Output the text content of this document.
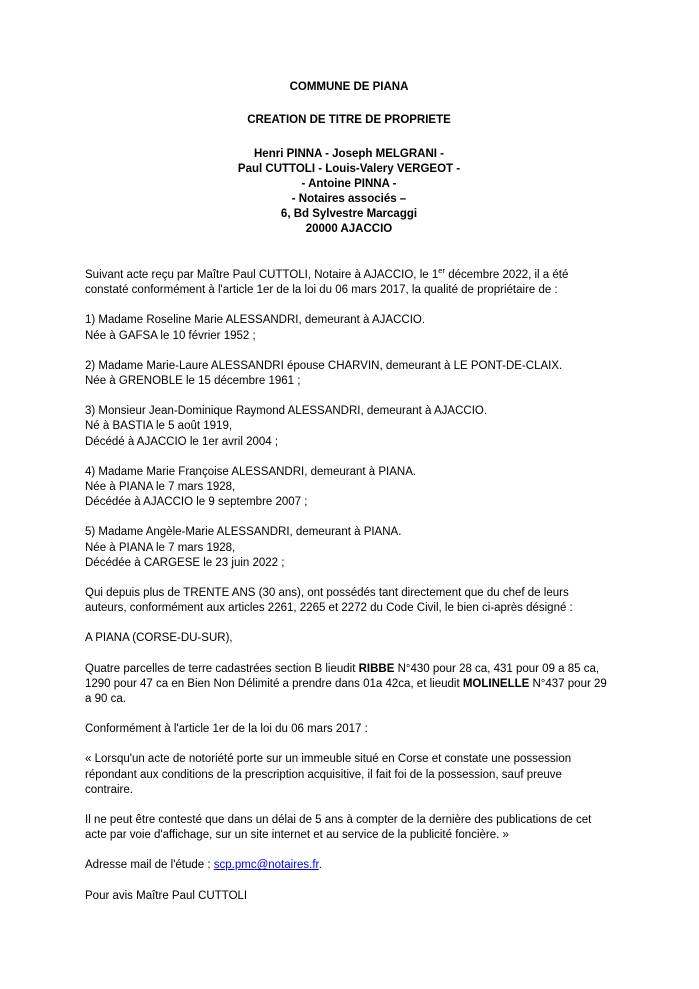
COMMUNE DE PIANA
CREATION DE TITRE DE PROPRIETE
Henri PINNA - Joseph MELGRANI -
Paul CUTTOLI - Louis-Valery VERGEOT -
- Antoine PINNA -
- Notaires associés –
6, Bd Sylvestre Marcaggi
20000 AJACCIO

Suivant acte reçu par Maître Paul CUTTOLI, Notaire à AJACCIO, le 1er décembre 2022, il a été constaté conformément à l'article 1er de la loi du 06 mars 2017, la qualité de propriétaire de :

1) Madame Roseline Marie ALESSANDRI, demeurant à AJACCIO.
Née à GAFSA le 10 février 1952 ;

2) Madame Marie-Laure ALESSANDRI épouse CHARVIN, demeurant à LE PONT-DE-CLAIX.
Née à GRENOBLE le 15 décembre 1961 ;

3) Monsieur Jean-Dominique Raymond ALESSANDRI, demeurant à AJACCIO.
Né à BASTIA le 5 août 1919,
Décédé à AJACCIO le 1er avril 2004 ;

4) Madame Marie Françoise ALESSANDRI, demeurant à PIANA.
Née à PIANA le 7 mars 1928,
Décédée à AJACCIO le 9 septembre 2007 ;

5) Madame Angèle-Marie ALESSANDRI, demeurant à PIANA.
Née à PIANA le 7 mars 1928,
Décédée à CARGESE le 23 juin 2022 ;

Qui depuis plus de TRENTE ANS (30 ans), ont possédés tant directement que du chef de leurs auteurs, conformément aux articles 2261, 2265 et 2272 du Code Civil, le bien ci-après désigné :

A PIANA (CORSE-DU-SUR),

Quatre parcelles de terre cadastrées section B lieudit RIBBE N°430 pour 28 ca, 431 pour 09 a 85 ca, 1290 pour 47 ca en Bien Non Délimité a prendre dans 01a 42ca, et lieudit MOLINELLE N°437 pour 29 a 90 ca.

Conformément à l'article 1er de la loi du 06 mars 2017 :

« Lorsqu'un acte de notoriété porte sur un immeuble situé en Corse et constate une possession répondant aux conditions de la prescription acquisitive, il fait foi de la possession, sauf preuve contraire.

Il ne peut être contesté que dans un délai de 5 ans à compter de la dernière des publications de cet acte par voie d'affichage, sur un site internet et au service de la publicité foncière. »

Adresse mail de l'étude : scp.pmc@notaires.fr.

Pour avis Maître Paul CUTTOLI
